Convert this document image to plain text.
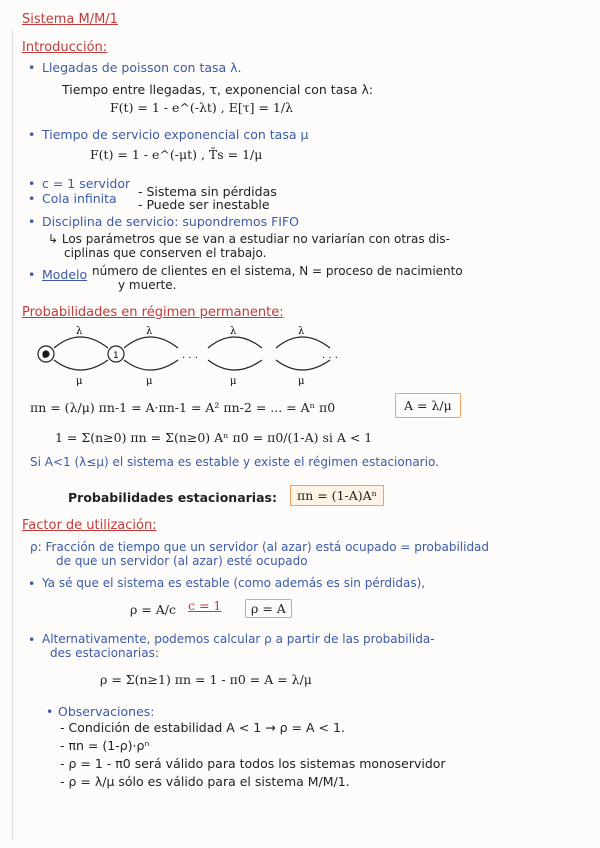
Sistema M/M/1
Introducción:
• Llegadas de poisson con tasa λ.
Tiempo entre llegadas, τ, exponencial con tasa λ:
F(t) = 1 - e^(-λt) , E[τ] = 1/λ
• Tiempo de servicio exponencial con tasa μ
F(t) = 1 - e^(-μt) , T̄s = 1/μ
• c = 1 servidor
• Cola infinita - Sistema sin pérdidas
- Puede ser inestable
• Disciplina de servicio: supondremos FIFO
↳ Los parámetros que se van a estudiar no variarían con otras dis-
ciplinas que conserven el trabajo.
• Modelo número de clientes en el sistema, N = proceso de nacimiento
y muerte.
Probabilidades en régimen permanente:
0	1
λ	λ	λ	λ
μ	μ	μ	μ
. . .	. . .
πn = (λ/μ) πn-1 = A·πn-1 = A² πn-2 = ... = Aⁿ π0	A = λ/μ
1 = Σ(n≥0) πn = Σ(n≥0) Aⁿ π0 = π0/(1-A) si A < 1
Si A<1 (λ≤μ) el sistema es estable y existe el régimen estacionario.
Probabilidades estacionarias:	πn = (1-A)Aⁿ
Factor de utilización:
ρ: Fracción de tiempo que un servidor (al azar) está ocupado = probabilidad
de que un servidor (al azar) esté ocupado
• Ya sé que el sistema es estable (como además es sin pérdidas),
ρ = A/c c = 1	ρ = A
• Alternativamente, podemos calcular ρ a partir de las probabilida-
des estacionarias:
ρ = Σ(n≥1) πn = 1 - π0 = A = λ/μ
• Observaciones:
- Condición de estabilidad A < 1 → ρ = A < 1.
- πn = (1-ρ)·ρⁿ
- ρ = 1 - π0 será válido para todos los sistemas monoservidor
- ρ = λ/μ sólo es válido para el sistema M/M/1.
